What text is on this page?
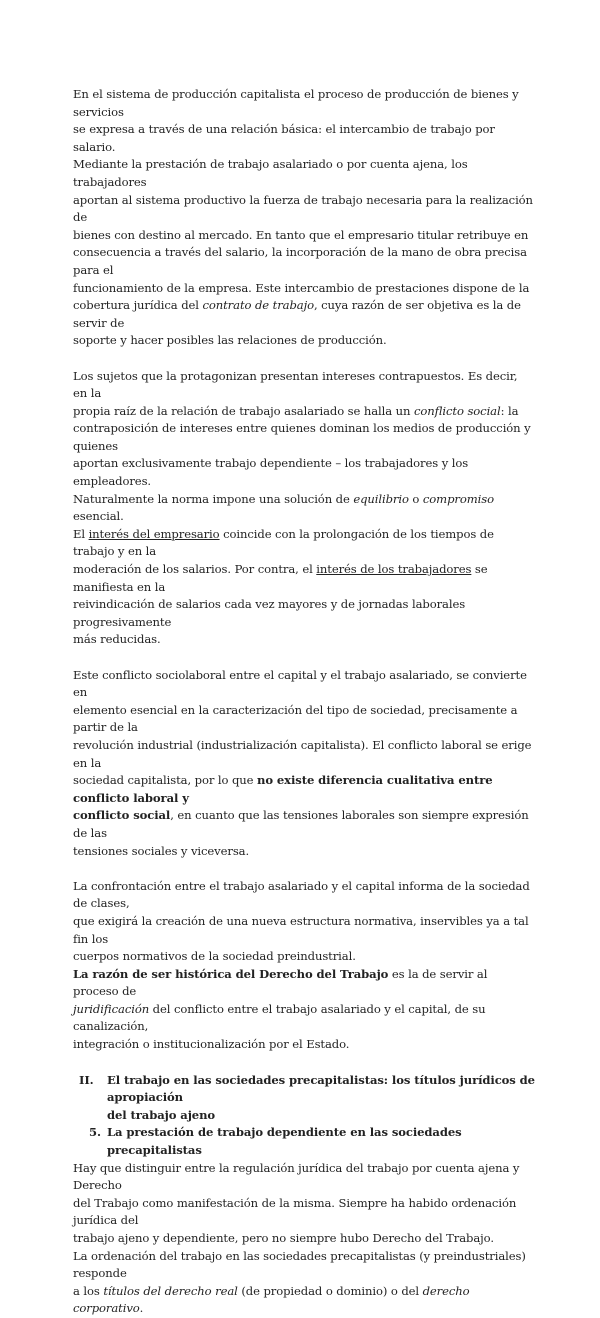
En el sistema de producción capitalista el proceso de producción de bienes y servicios
se expresa a través de una relación básica: el intercambio de trabajo por salario.
Mediante la prestación de trabajo asalariado o por cuenta ajena, los trabajadores
aportan al sistema productivo la fuerza de trabajo necesaria para la realización de
bienes con destino al mercado. En tanto que el empresario titular retribuye en
consecuencia a través del salario, la incorporación de la mano de obra precisa para el
funcionamiento de la empresa. Este intercambio de prestaciones dispone de la
cobertura jurídica del contrato de trabajo, cuya razón de ser objetiva es la de servir de
soporte y hacer posibles las relaciones de producción.
Los sujetos que la protagonizan presentan intereses contrapuestos. Es decir, en la
propia raíz de la relación de trabajo asalariado se halla un conflicto social: la
contraposición de intereses entre quienes dominan los medios de producción y quienes
aportan exclusivamente trabajo dependiente – los trabajadores y los empleadores.
Naturalmente la norma impone una solución de equilibrio o compromiso esencial.
El interés del empresario coincide con la prolongación de los tiempos de trabajo y en la
moderación de los salarios. Por contra, el interés de los trabajadores se manifiesta en la
reivindicación de salarios cada vez mayores y de jornadas laborales progresivamente
más reducidas.
Este conflicto sociolaboral entre el capital y el trabajo asalariado, se convierte en
elemento esencial en la caracterización del tipo de sociedad, precisamente a partir de la
revolución industrial (industrialización capitalista). El conflicto laboral se erige en la
sociedad capitalista, por lo que no existe diferencia cualitativa entre conflicto laboral y
conflicto social, en cuanto que las tensiones laborales son siempre expresión de las
tensiones sociales y viceversa.
La confrontación entre el trabajo asalariado y el capital informa de la sociedad de clases,
que exigirá la creación de una nueva estructura normativa, inservibles ya a tal fin los
cuerpos normativos de la sociedad preindustrial.
La razón de ser histórica del Derecho del Trabajo es la de servir al proceso de
juridificación del conflicto entre el trabajo asalariado y el capital, de su canalización,
integración o institucionalización por el Estado.
II.	El trabajo en las sociedades precapitalistas: los títulos jurídicos de apropiación
del trabajo ajeno
5. La prestación de trabajo dependiente en las sociedades precapitalistas
Hay que distinguir entre la regulación jurídica del trabajo por cuenta ajena y Derecho
del Trabajo como manifestación de la misma. Siempre ha habido ordenación jurídica del
trabajo ajeno y dependiente, pero no siempre hubo Derecho del Trabajo.
La ordenación del trabajo en las sociedades precapitalistas (y preindustriales) responde
a los títulos del derecho real (de propiedad o dominio) o del derecho corporativo.
